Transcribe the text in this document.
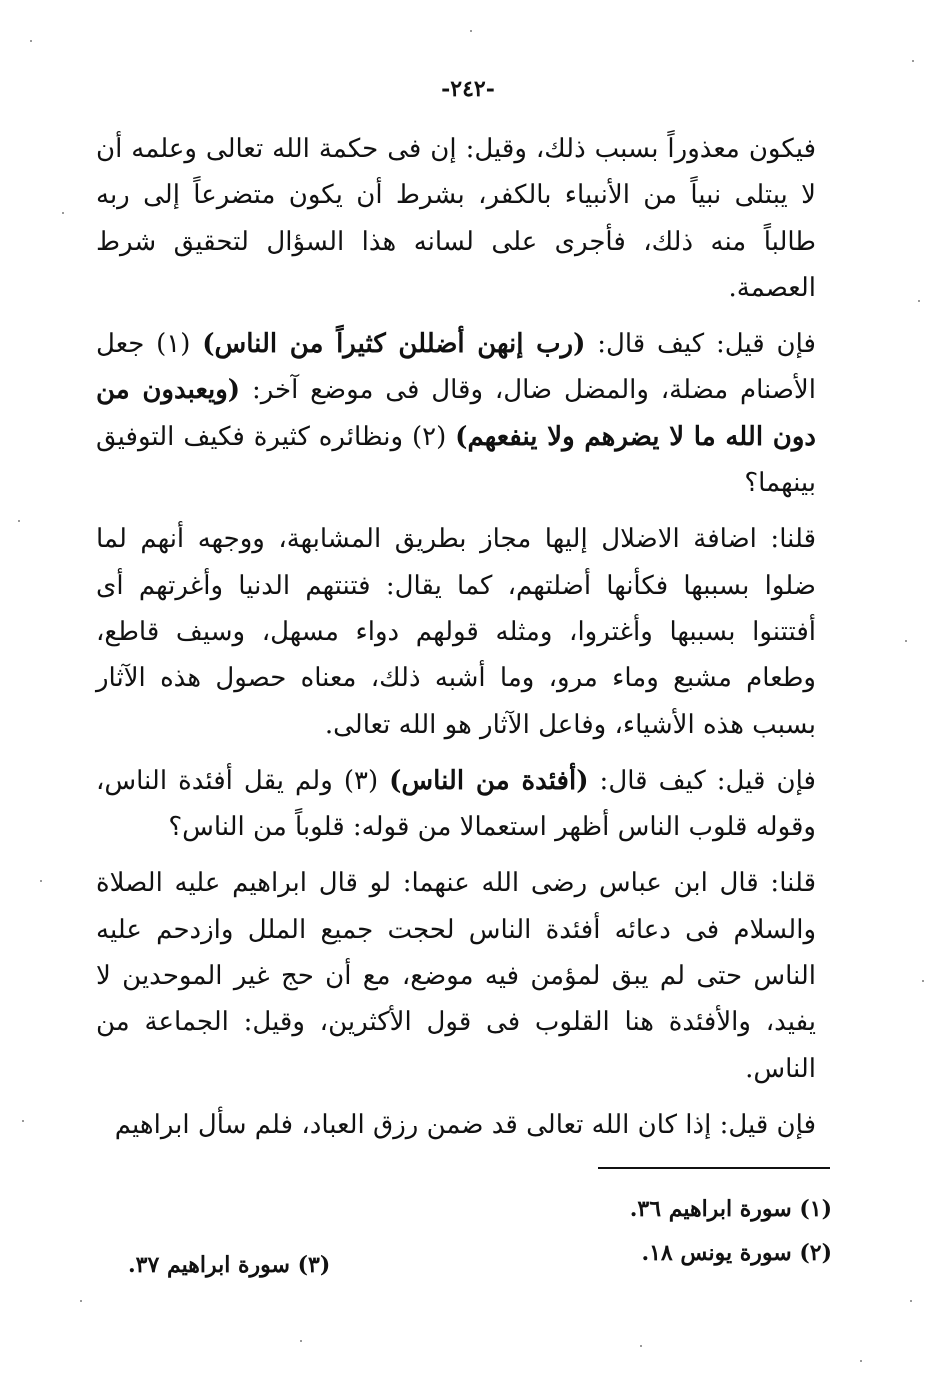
-٢٤٢-

فيكون معذوراً بسبب ذلك، وقيل: إن فى حكمة الله تعالى وعلمه أن لا يبتلى نبياً من الأنبياء بالكفر، بشرط أن يكون متضرعاً إلى ربه طالباً منه ذلك، فأجرى على لسانه هذا السؤال لتحقيق شرط العصمة.

فإن قيل: كيف قال: (رب إنهن أضللن كثيراً من الناس) (١) جعل الأصنام مضلة، والمضل ضال، وقال فى موضع آخر: (ويعبدون من دون الله ما لا يضرهم ولا ينفعهم) (٢) ونظائره كثيرة فكيف التوفيق بينهما؟

قلنا: اضافة الاضلال إليها مجاز بطريق المشابهة، ووجهه أنهم لما ضلوا بسببها فكأنها أضلتهم، كما يقال: فتنتهم الدنيا وأغرتهم أى أفتتنوا بسببها وأغتروا، ومثله قولهم دواء مسهل، وسيف قاطع، وطعام مشبع وماء مرو، وما أشبه ذلك، معناه حصول هذه الآثار بسبب هذه الأشياء، وفاعل الآثار هو الله تعالى.

فإن قيل: كيف قال: (أفئدة من الناس) (٣) ولم يقل أفئدة الناس، وقوله قلوب الناس أظهر استعمالا من قوله: قلوباً من الناس؟

قلنا: قال ابن عباس رضى الله عنهما: لو قال ابراهيم عليه الصلاة والسلام فى دعائه أفئدة الناس لحجت جميع الملل وازدحم عليه الناس حتى لم يبق لمؤمن فيه موضع، مع أن حج غير الموحدين لا يفيد، والأفئدة هنا القلوب فى قول الأكثرين، وقيل: الجماعة من الناس.

فإن قيل: إذا كان الله تعالى قد ضمن رزق العباد، فلم سأل ابراهيم

(١) سورة ابراهيم ٣٦.
(٢) سورة يونس ١٨.
(٣) سورة ابراهيم ٣٧.
